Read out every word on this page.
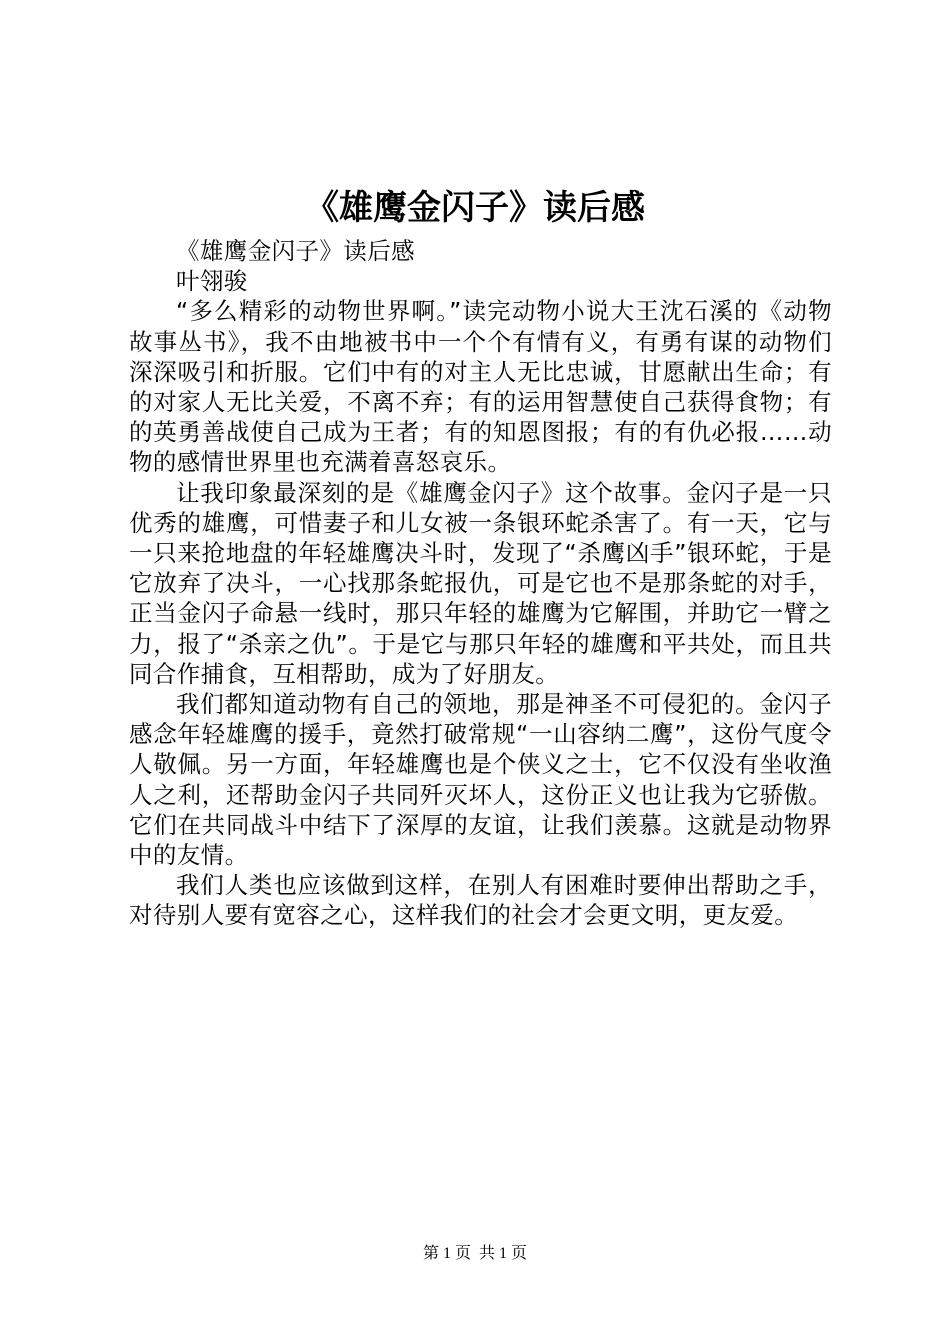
《雄鹰金闪子》读后感

《雄鹰金闪子》读后感

叶翎骏

“多么精彩的动物世界啊。”读完动物小说大王沈石溪的《动物故事丛书》，我不由地被书中一个个有情有义，有勇有谋的动物们深深吸引和折服。它们中有的对主人无比忠诚，甘愿献出生命；有的对家人无比关爱，不离不弃；有的运用智慧使自己获得食物；有的英勇善战使自己成为王者；有的知恩图报；有的有仇必报……动物的感情世界里也充满着喜怒哀乐。

让我印象最深刻的是《雄鹰金闪子》这个故事。金闪子是一只优秀的雄鹰，可惜妻子和儿女被一条银环蛇杀害了。有一天，它与一只来抢地盘的年轻雄鹰决斗时，发现了“杀鹰凶手”银环蛇，于是它放弃了决斗，一心找那条蛇报仇，可是它也不是那条蛇的对手，正当金闪子命悬一线时，那只年轻的雄鹰为它解围，并助它一臂之力，报了“杀亲之仇”。于是它与那只年轻的雄鹰和平共处，而且共同合作捕食，互相帮助，成为了好朋友。

我们都知道动物有自己的领地，那是神圣不可侵犯的。金闪子感念年轻雄鹰的援手，竟然打破常规“一山容纳二鹰”，这份气度令人敬佩。另一方面，年轻雄鹰也是个侠义之士，它不仅没有坐收渔人之利，还帮助金闪子共同歼灭坏人，这份正义也让我为它骄傲。它们在共同战斗中结下了深厚的友谊，让我们羡慕。这就是动物界中的友情。

我们人类也应该做到这样，在别人有困难时要伸出帮助之手，对待别人要有宽容之心，这样我们的社会才会更文明，更友爱。

第 1 页 共 1 页
